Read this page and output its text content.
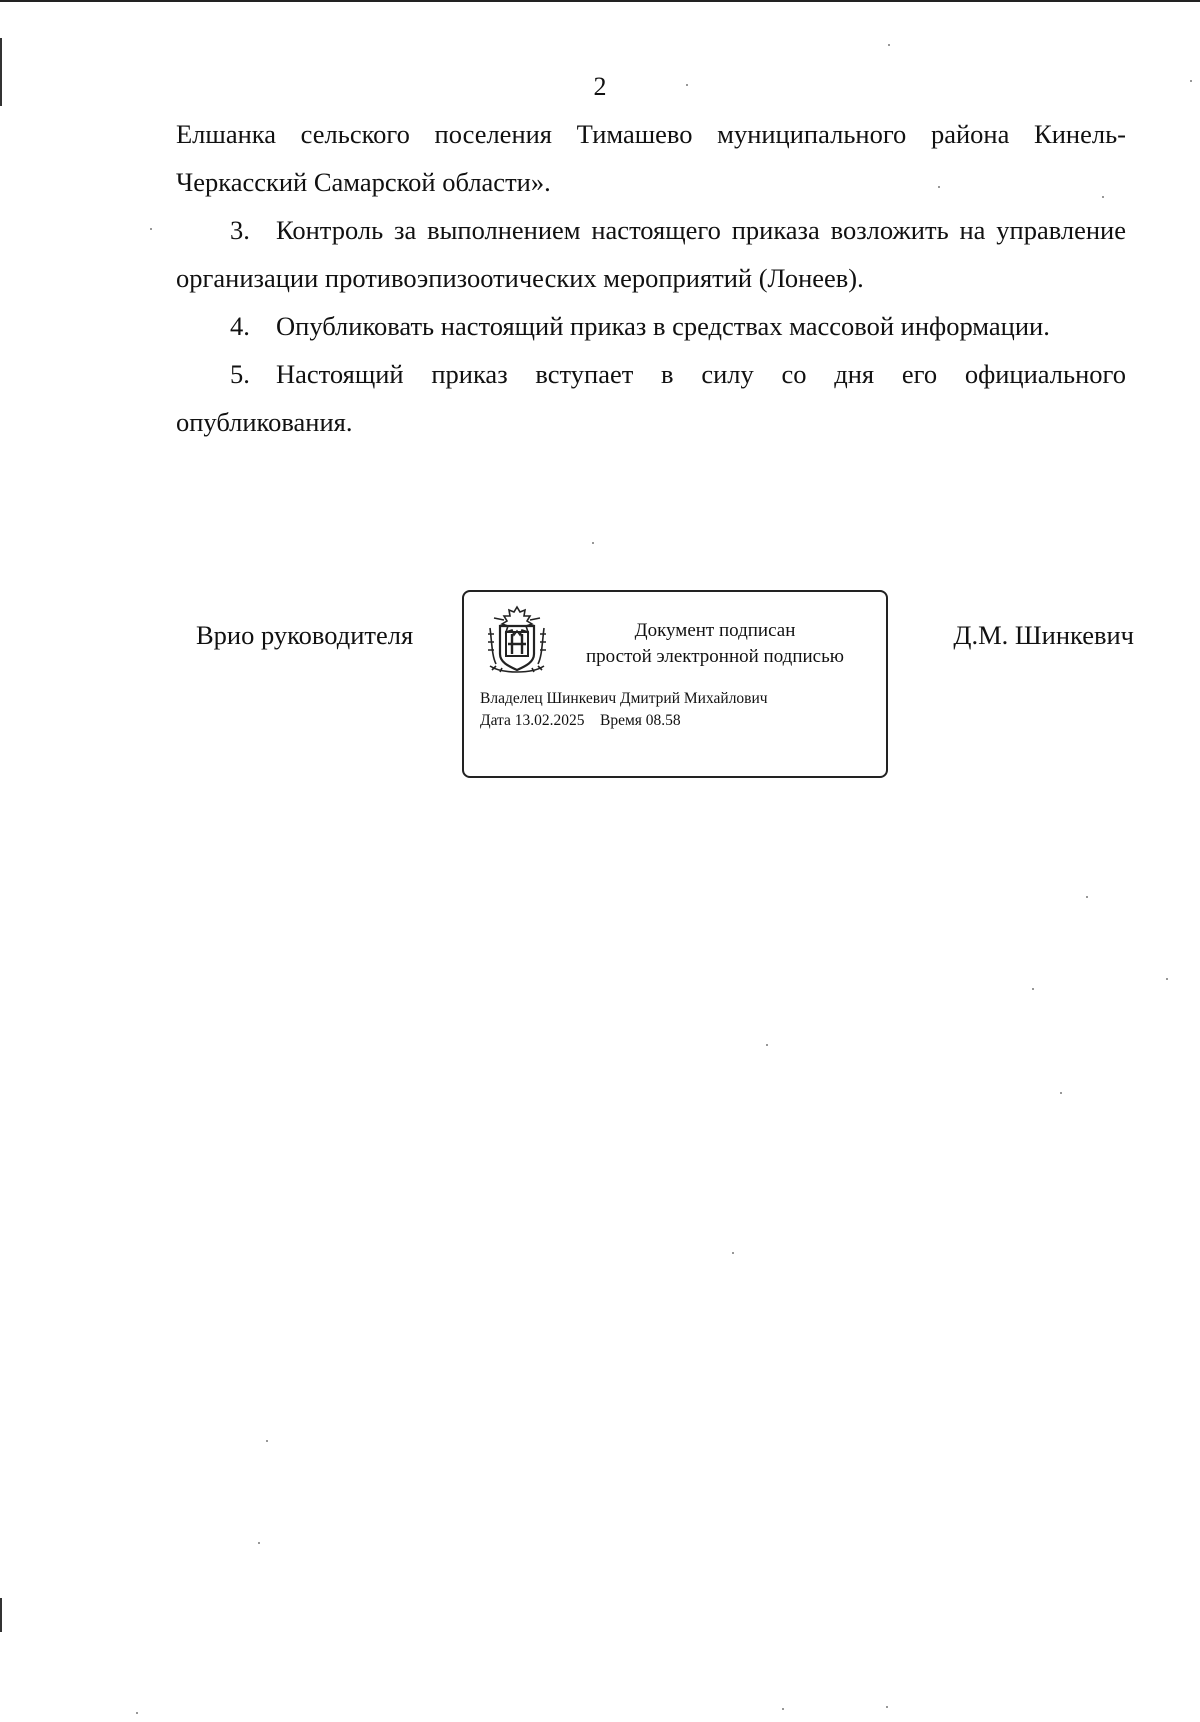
2

Елшанка сельского поселения Тимашево муниципального района Кинель-

Черкасский Самарской области».

3. Контроль за выполнением настоящего приказа возложить на управление организации противоэпизоотических мероприятий (Лонеев).

4. Опубликовать настоящий приказ в средствах массовой информации.

5. Настоящий приказ вступает в силу со дня его официального опубликования.

Врио руководителя	Документ подписан
простой электронной подписью
Владелец Шинкевич Дмитрий Михайлович
Дата 13.02.2025 Время 08.58
Д.М. Шинкевич
